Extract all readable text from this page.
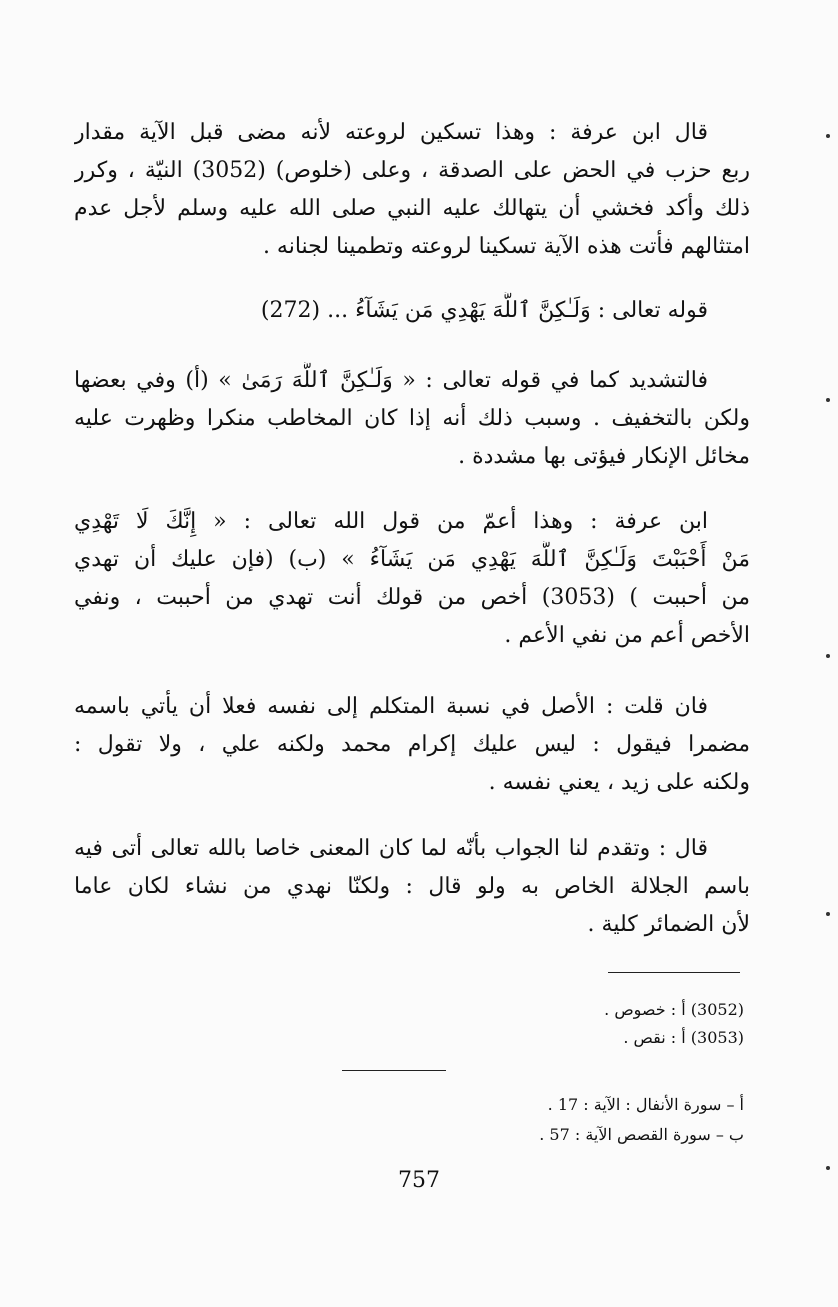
قال ابن عرفة : وهذا تسكين لروعته لأنه مضى قبل الآية مقدار
ربع حزب في الحض على الصدقة ، وعلى (خلوص) (3052) النيّة ، وكرر
ذلك وأكد فخشي أن يتهالك عليه النبي صلى الله عليه وسلم لأجل عدم
امتثالهم فأتت هذه الآية تسكينا لروعته وتطمينا لجنانه .
قوله تعالى : وَلَـٰكِنَّ ٱللَّهَ يَهْدِي مَن يَشَآءُ ... (272)
فالتشديد كما في قوله تعالى : « وَلَـٰكِنَّ ٱللَّهَ رَمَىٰ » (أ) وفي بعضها
ولكن بالتخفيف . وسبب ذلك أنه إذا كان المخاطب منكرا وظهرت عليه
مخائل الإنكار فيؤتى بها مشددة .
ابن عرفة : وهذا أعمّ من قول الله تعالى : « إِنَّكَ لَا تَهْدِي
مَنْ أَحْبَبْتَ وَلَـٰكِنَّ ٱللَّهَ يَهْدِي مَن يَشَآءُ » (ب) (فإن عليك أن تهدي
من أحببت ) (3053) أخص من قولك أنت تهدي من أحببت ، ونفي
الأخص أعم من نفي الأعم .
فان قلت : الأصل في نسبة المتكلم إلى نفسه فعلا أن يأتي باسمه
مضمرا فيقول : ليس عليك إكرام محمد ولكنه علي ، ولا تقول :
ولكنه على زيد ، يعني نفسه .
قال : وتقدم لنا الجواب بأنّه لما كان المعنى خاصا بالله تعالى أتى فيه
باسم الجلالة الخاص به ولو قال : ولكنّا نهدي من نشاء لكان عاما
لأن الضمائر كلية .
(3052) أ : خصوص .
(3053) أ : نقص .
أ – سورة الأنفال : الآية : 17 .
ب – سورة القصص الآية : 57 .
757
